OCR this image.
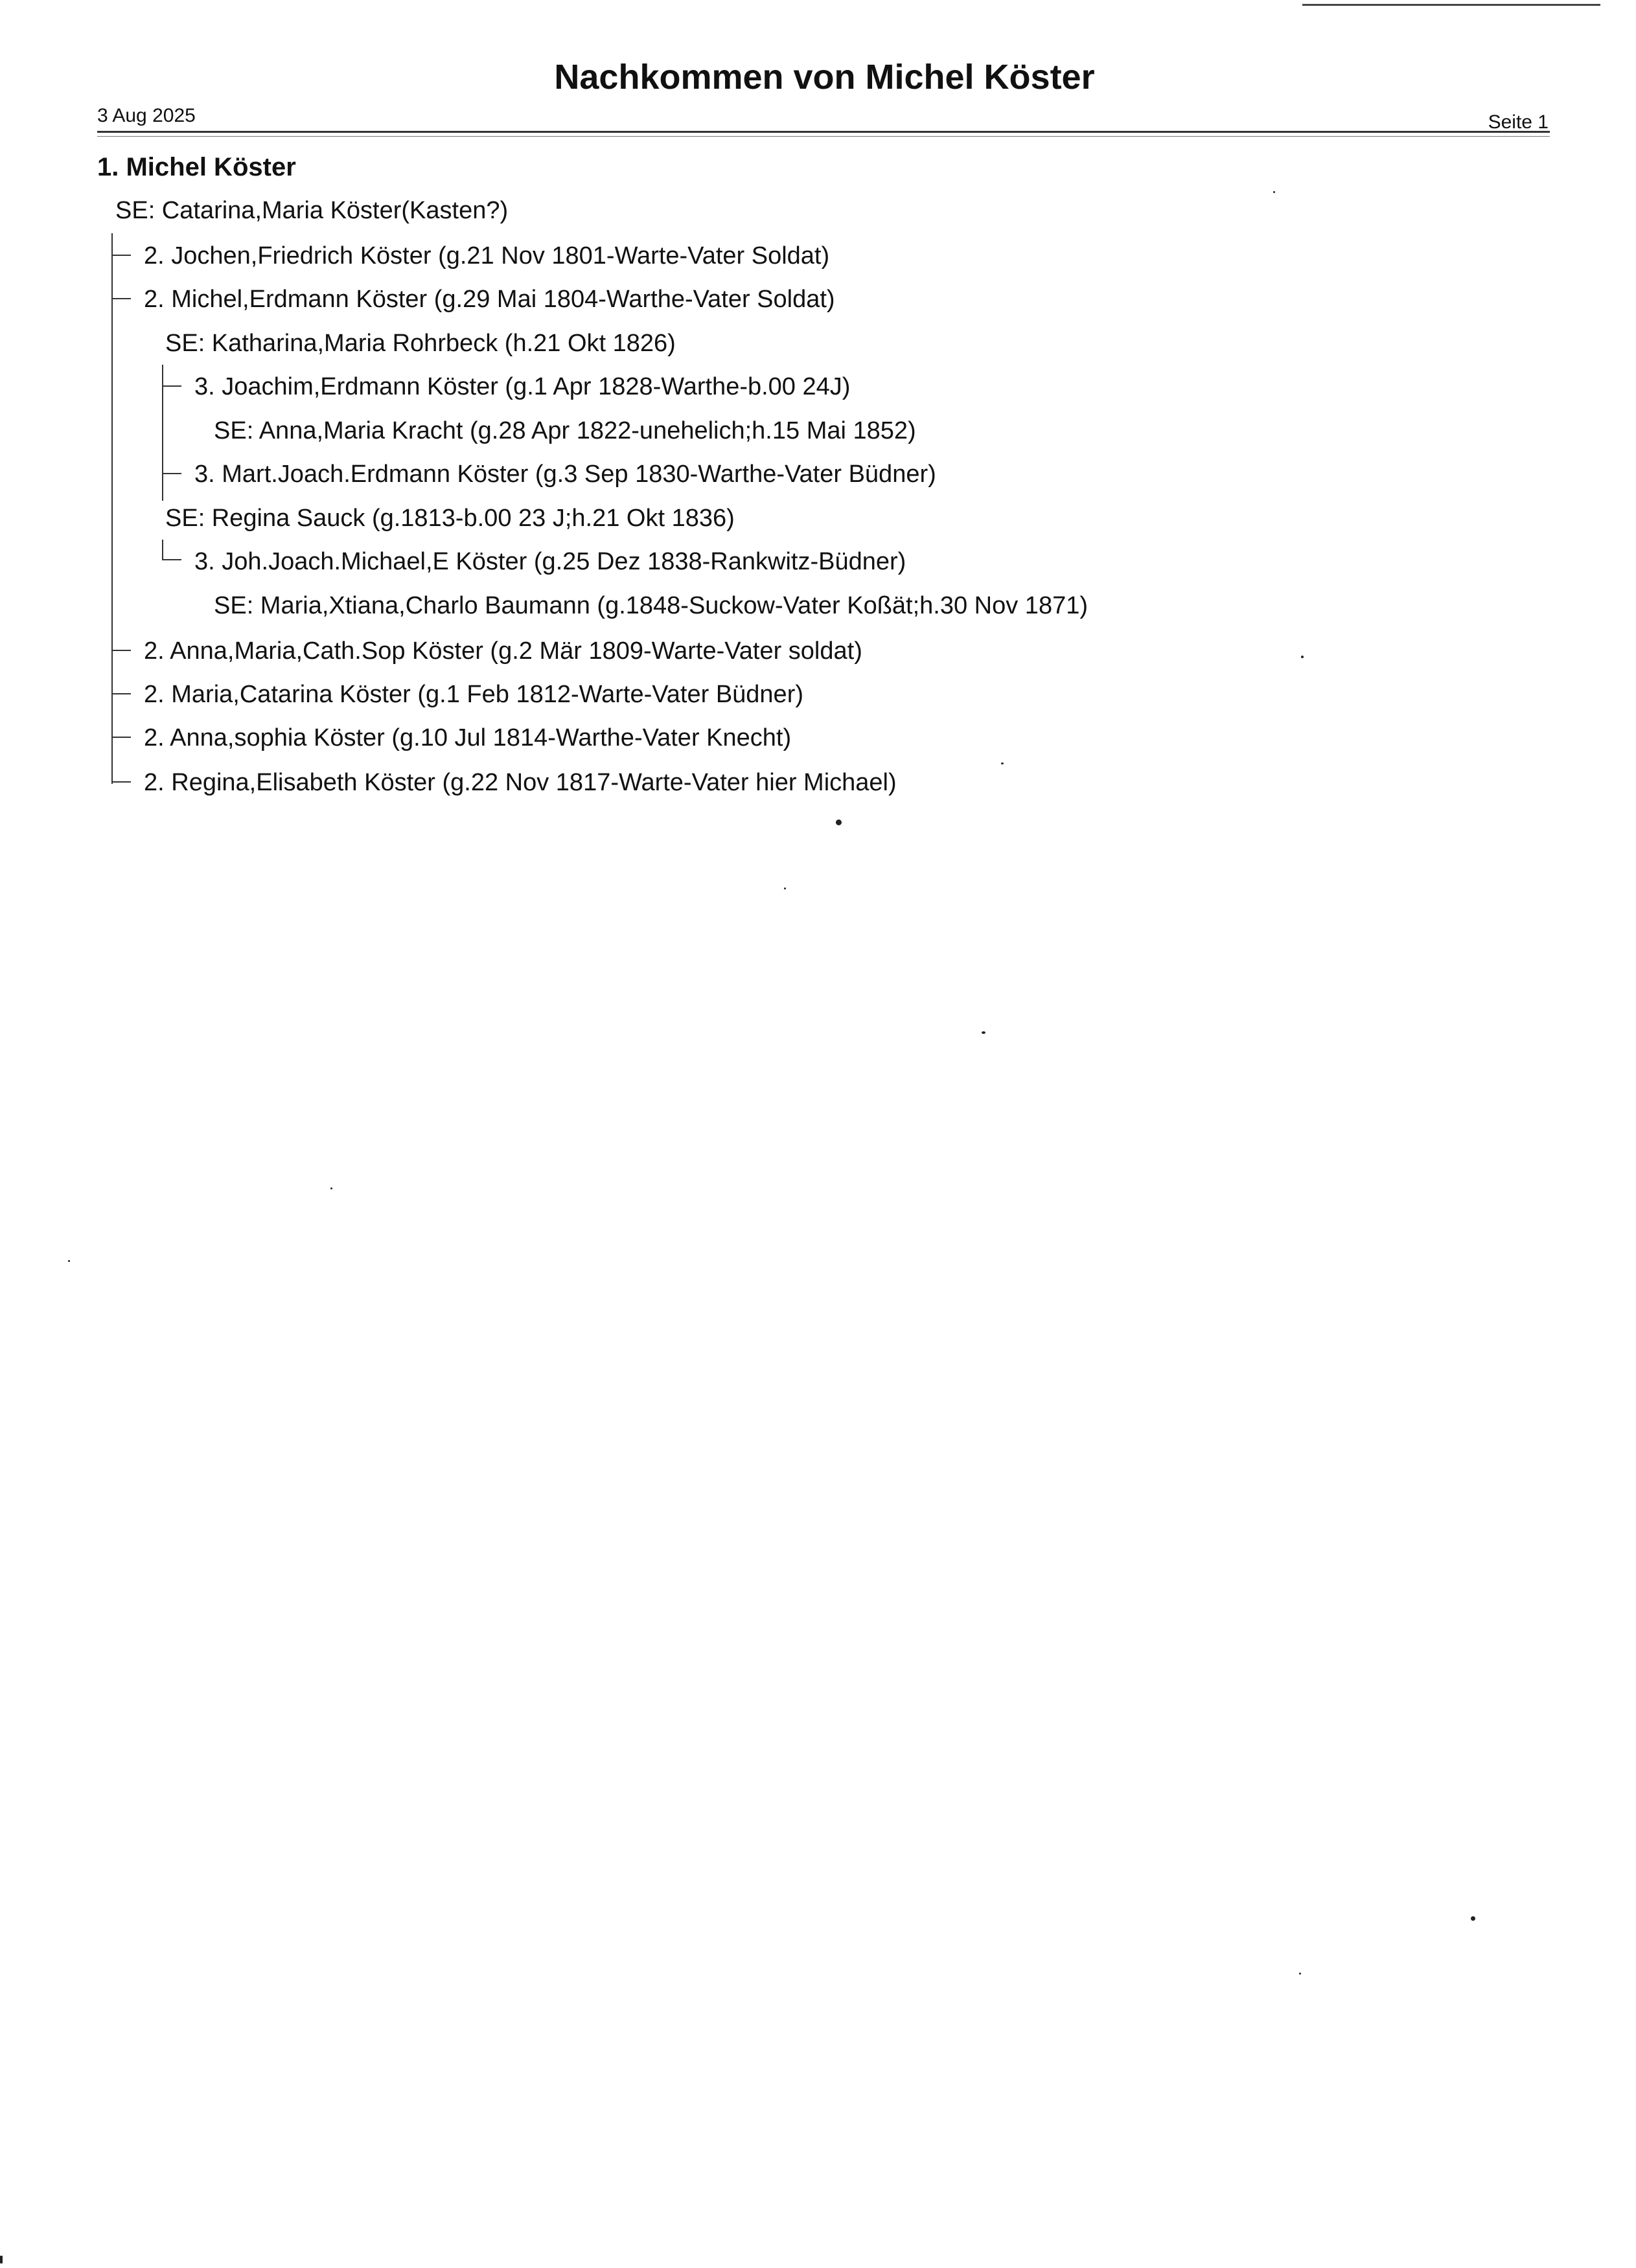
Nachkommen von Michel Köster
3 Aug 2025	Seite 1
1. Michel Köster
SE: Catarina,Maria Köster(Kasten?)
2. Jochen,Friedrich Köster (g.21 Nov 1801-Warte-Vater Soldat)
2. Michel,Erdmann Köster (g.29 Mai 1804-Warthe-Vater Soldat)
SE: Katharina,Maria Rohrbeck (h.21 Okt 1826)
3. Joachim,Erdmann Köster (g.1 Apr 1828-Warthe-b.00 24J)
SE: Anna,Maria Kracht (g.28 Apr 1822-unehelich;h.15 Mai 1852)
3. Mart.Joach.Erdmann Köster (g.3 Sep 1830-Warthe-Vater Büdner)
SE: Regina Sauck (g.1813-b.00 23 J;h.21 Okt 1836)
3. Joh.Joach.Michael,E Köster (g.25 Dez 1838-Rankwitz-Büdner)
SE: Maria,Xtiana,Charlo Baumann (g.1848-Suckow-Vater Koßät;h.30 Nov 1871)
2. Anna,Maria,Cath.Sop Köster (g.2 Mär 1809-Warte-Vater soldat)
2. Maria,Catarina Köster (g.1 Feb 1812-Warte-Vater Büdner)
2. Anna,sophia Köster (g.10 Jul 1814-Warthe-Vater Knecht)
2. Regina,Elisabeth Köster (g.22 Nov 1817-Warte-Vater hier Michael)
